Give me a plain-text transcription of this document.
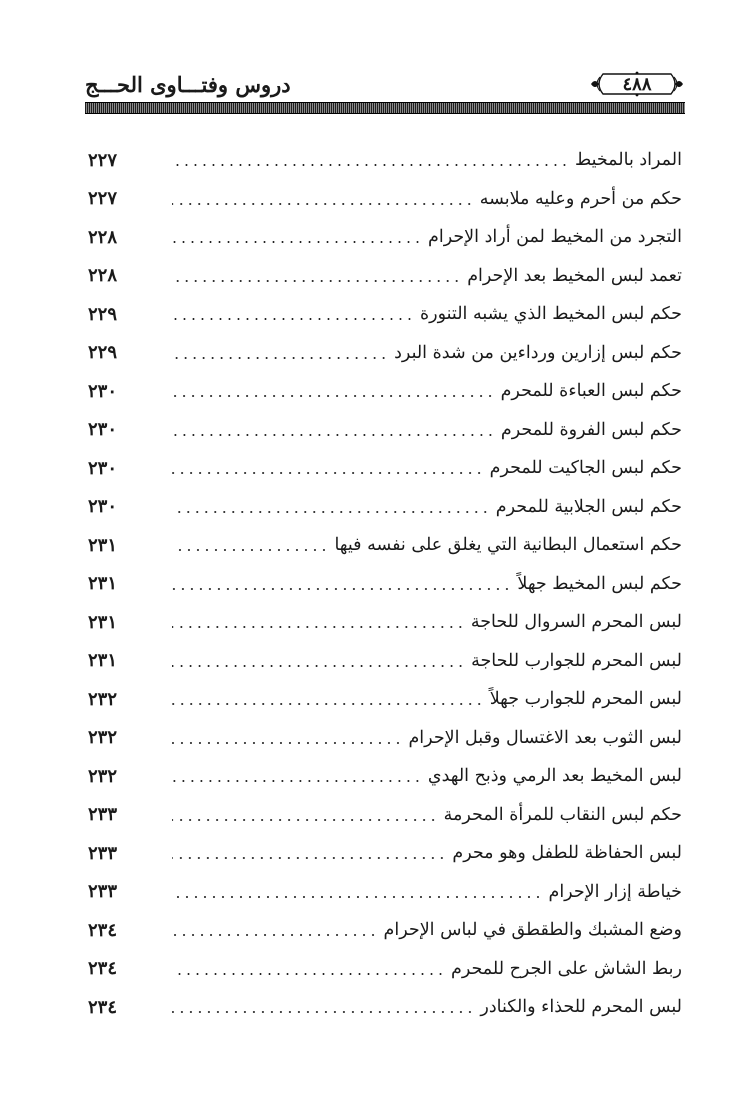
دروس وفتـــاوى الحـــج	٤٨٨
المراد بالمخيط
٢٢٧
حكم من أحرم وعليه ملابسه
٢٢٧
التجرد من المخيط لمن أراد الإحرام
٢٢٨
تعمد لبس المخيط بعد الإحرام
٢٢٨
حكم لبس المخيط الذي يشبه التنورة
٢٢٩
حكم لبس إزارين ورداءين من شدة البرد
٢٢٩
حكم لبس العباءة للمحرم
٢٣٠
حكم لبس الفروة للمحرم
٢٣٠
حكم لبس الجاكيت للمحرم
٢٣٠
حكم لبس الجلابية للمحرم
٢٣٠
حكم استعمال البطانية التي يغلق على نفسه فيها
٢٣١
حكم لبس المخيط جهلاً
٢٣١
لبس المحرم السروال للحاجة
٢٣١
لبس المحرم للجوارب للحاجة
٢٣١
لبس المحرم للجوارب جهلاً
٢٣٢
لبس الثوب بعد الاغتسال وقبل الإحرام
٢٣٢
لبس المخيط بعد الرمي وذبح الهدي
٢٣٢
حكم لبس النقاب للمرأة المحرمة
٢٣٣
لبس الحفاظة للطفل وهو محرم
٢٣٣
خياطة إزار الإحرام
٢٣٣
وضع المشبك والطقطق في لباس الإحرام
٢٣٤
ربط الشاش على الجرح للمحرم
٢٣٤
لبس المحرم للحذاء والكنادر
٢٣٤
